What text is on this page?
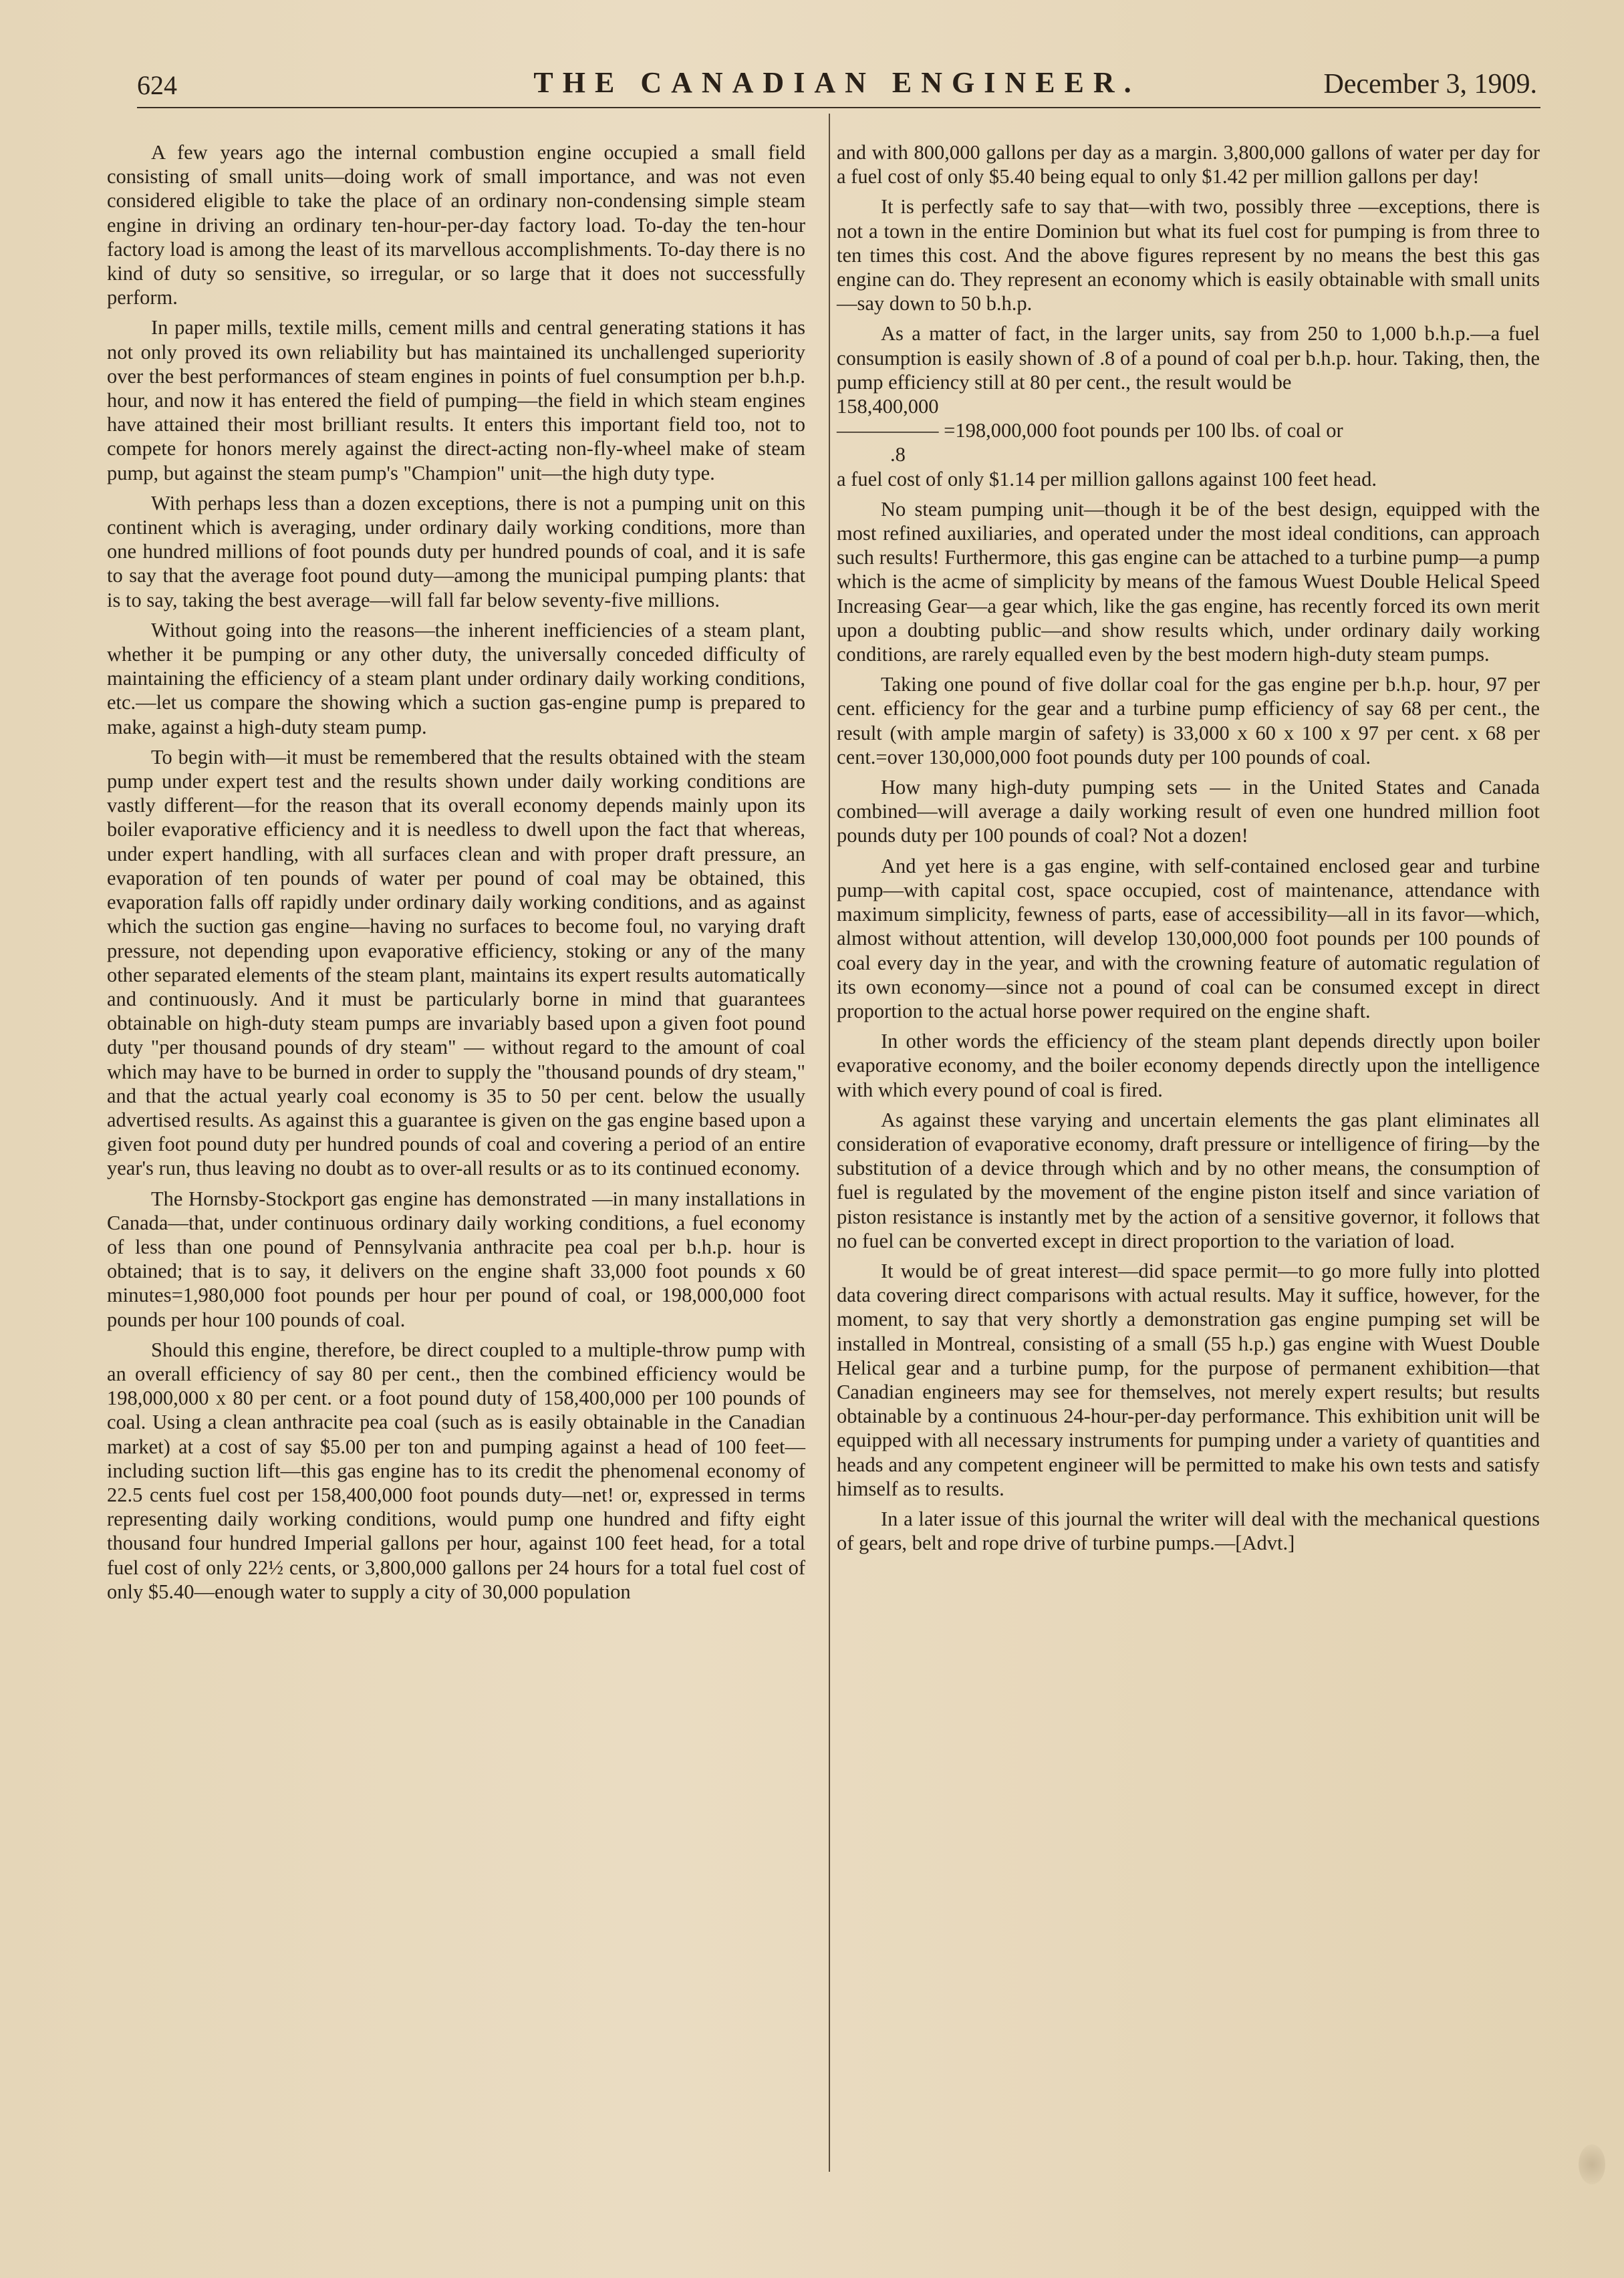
624	THE CANADIAN ENGINEER.	December 3, 1909.

A few years ago the internal combustion engine occupied a small field consisting of small units—doing work of small importance, and was not even considered eligible to take the place of an ordinary non-condensing simple steam engine in driving an ordinary ten-hour-per-day factory load. To-day the ten-hour factory load is among the least of its marvellous accomplishments. To-day there is no kind of duty so sensitive, so irregular, or so large that it does not successfully perform.

In paper mills, textile mills, cement mills and central generating stations it has not only proved its own reliability but has maintained its unchallenged superiority over the best performances of steam engines in points of fuel consumption per b.h.p. hour, and now it has entered the field of pumping—the field in which steam engines have attained their most brilliant results. It enters this important field too, not to compete for honors merely against the direct-acting non-fly-wheel make of steam pump, but against the steam pump's "Champion" unit—the high duty type.

With perhaps less than a dozen exceptions, there is not a pumping unit on this continent which is averaging, under ordinary daily working conditions, more than one hundred millions of foot pounds duty per hundred pounds of coal, and it is safe to say that the average foot pound duty—among the municipal pumping plants: that is to say, taking the best average—will fall far below seventy-five millions.

Without going into the reasons—the inherent inefficiencies of a steam plant, whether it be pumping or any other duty, the universally conceded difficulty of maintaining the efficiency of a steam plant under ordinary daily working conditions, etc.—let us compare the showing which a suction gas-engine pump is prepared to make, against a high-duty steam pump.

To begin with—it must be remembered that the results obtained with the steam pump under expert test and the results shown under daily working conditions are vastly different—for the reason that its overall economy depends mainly upon its boiler evaporative efficiency and it is needless to dwell upon the fact that whereas, under expert handling, with all surfaces clean and with proper draft pressure, an evaporation of ten pounds of water per pound of coal may be obtained, this evaporation falls off rapidly under ordinary daily working conditions, and as against which the suction gas engine—having no surfaces to become foul, no varying draft pressure, not depending upon evaporative efficiency, stoking or any of the many other separated elements of the steam plant, maintains its expert results automatically and continuously. And it must be particularly borne in mind that guarantees obtainable on high-duty steam pumps are invariably based upon a given foot pound duty "per thousand pounds of dry steam" — without regard to the amount of coal which may have to be burned in order to supply the "thousand pounds of dry steam," and that the actual yearly coal economy is 35 to 50 per cent. below the usually advertised results. As against this a guarantee is given on the gas engine based upon a given foot pound duty per hundred pounds of coal and covering a period of an entire year's run, thus leaving no doubt as to over-all results or as to its continued economy.

The Hornsby-Stockport gas engine has demonstrated —in many installations in Canada—that, under continuous ordinary daily working conditions, a fuel economy of less than one pound of Pennsylvania anthracite pea coal per b.h.p. hour is obtained; that is to say, it delivers on the engine shaft 33,000 foot pounds x 60 minutes=1,980,000 foot pounds per hour per pound of coal, or 198,000,000 foot pounds per hour 100 pounds of coal.

Should this engine, therefore, be direct coupled to a multiple-throw pump with an overall efficiency of say 80 per cent., then the combined efficiency would be 198,000,000 x 80 per cent. or a foot pound duty of 158,400,000 per 100 pounds of coal. Using a clean anthracite pea coal (such as is easily obtainable in the Canadian market) at a cost of say $5.00 per ton and pumping against a head of 100 feet—including suction lift—this gas engine has to its credit the phenomenal economy of 22.5 cents fuel cost per 158,400,000 foot pounds duty—net! or, expressed in terms representing daily working conditions, would pump one hundred and fifty eight thousand four hundred Imperial gallons per hour, against 100 feet head, for a total fuel cost of only 22½ cents, or 3,800,000 gallons per 24 hours for a total fuel cost of only $5.40—enough water to supply a city of 30,000 population

and with 800,000 gallons per day as a margin. 3,800,000 gallons of water per day for a fuel cost of only $5.40 being equal to only $1.42 per million gallons per day!

It is perfectly safe to say that—with two, possibly three —exceptions, there is not a town in the entire Dominion but what its fuel cost for pumping is from three to ten times this cost. And the above figures represent by no means the best this gas engine can do. They represent an economy which is easily obtainable with small units—say down to 50 b.h.p.

As a matter of fact, in the larger units, say from 250 to 1,000 b.h.p.—a fuel consumption is easily shown of .8 of a pound of coal per b.h.p. hour. Taking, then, the pump efficiency still at 80 per cent., the result would be

158,400,000
————— =198,000,000 foot pounds per 100 lbs. of coal or
.8

a fuel cost of only $1.14 per million gallons against 100 feet head.

No steam pumping unit—though it be of the best design, equipped with the most refined auxiliaries, and operated under the most ideal conditions, can approach such results! Furthermore, this gas engine can be attached to a turbine pump—a pump which is the acme of simplicity by means of the famous Wuest Double Helical Speed Increasing Gear—a gear which, like the gas engine, has recently forced its own merit upon a doubting public—and show results which, under ordinary daily working conditions, are rarely equalled even by the best modern high-duty steam pumps.

Taking one pound of five dollar coal for the gas engine per b.h.p. hour, 97 per cent. efficiency for the gear and a turbine pump efficiency of say 68 per cent., the result (with ample margin of safety) is 33,000 x 60 x 100 x 97 per cent. x 68 per cent.=over 130,000,000 foot pounds duty per 100 pounds of coal.

How many high-duty pumping sets — in the United States and Canada combined—will average a daily working result of even one hundred million foot pounds duty per 100 pounds of coal? Not a dozen!

And yet here is a gas engine, with self-contained enclosed gear and turbine pump—with capital cost, space occupied, cost of maintenance, attendance with maximum simplicity, fewness of parts, ease of accessibility—all in its favor—which, almost without attention, will develop 130,000,000 foot pounds per 100 pounds of coal every day in the year, and with the crowning feature of automatic regulation of its own economy—since not a pound of coal can be consumed except in direct proportion to the actual horse power required on the engine shaft.

In other words the efficiency of the steam plant depends directly upon boiler evaporative economy, and the boiler economy depends directly upon the intelligence with which every pound of coal is fired.

As against these varying and uncertain elements the gas plant eliminates all consideration of evaporative economy, draft pressure or intelligence of firing—by the substitution of a device through which and by no other means, the consumption of fuel is regulated by the movement of the engine piston itself and since variation of piston resistance is instantly met by the action of a sensitive governor, it follows that no fuel can be converted except in direct proportion to the variation of load.

It would be of great interest—did space permit—to go more fully into plotted data covering direct comparisons with actual results. May it suffice, however, for the moment, to say that very shortly a demonstration gas engine pumping set will be installed in Montreal, consisting of a small (55 h.p.) gas engine with Wuest Double Helical gear and a turbine pump, for the purpose of permanent exhibition—that Canadian engineers may see for themselves, not merely expert results; but results obtainable by a continuous 24-hour-per-day performance. This exhibition unit will be equipped with all necessary instruments for pumping under a variety of quantities and heads and any competent engineer will be permitted to make his own tests and satisfy himself as to results.

In a later issue of this journal the writer will deal with the mechanical questions of gears, belt and rope drive of turbine pumps.—[Advt.]
